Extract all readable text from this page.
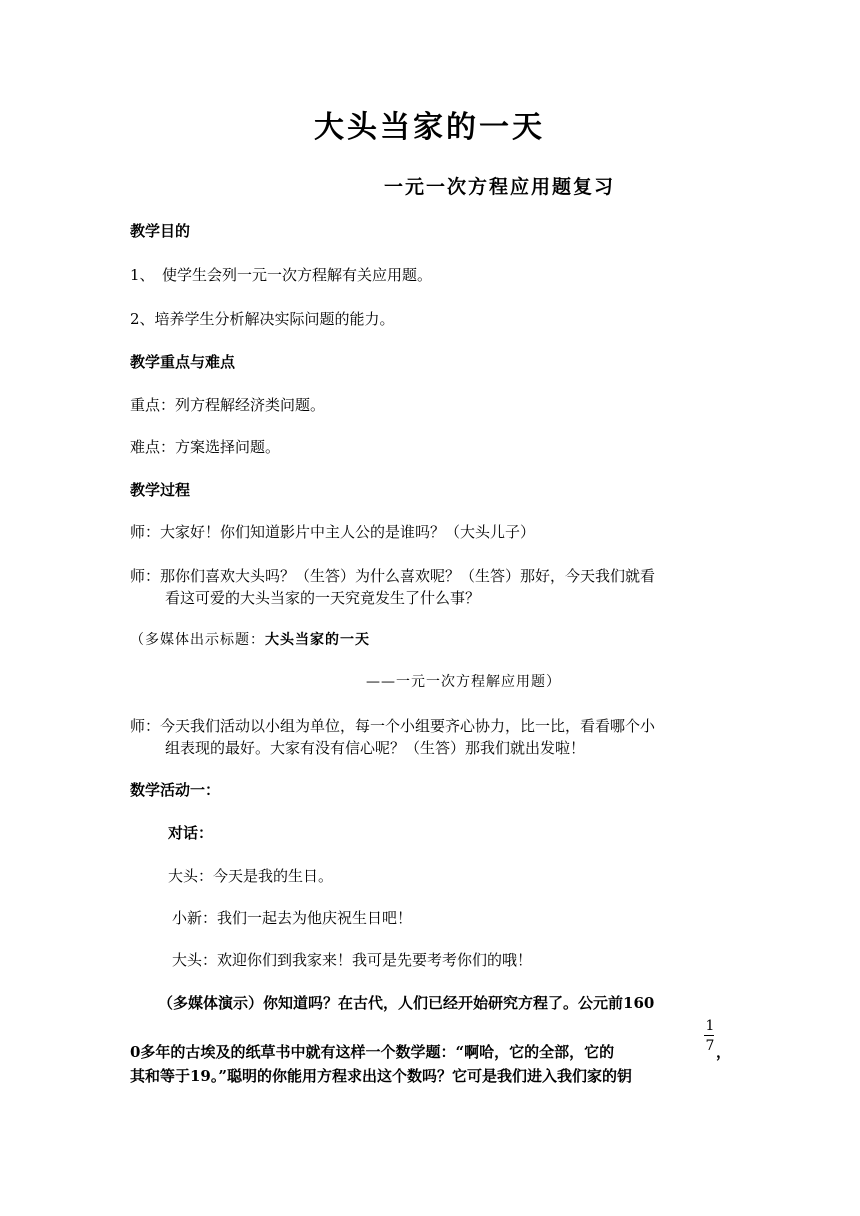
大头当家的一天
一元一次方程应用题复习
教学目的
1、　使学生会列一元一次方程解有关应用题。
2、培养学生分析解决实际问题的能力。
教学重点与难点
重点：列方程解经济类问题。
难点：方案选择问题。
教学过程
师：大家好！你们知道影片中主人公的是谁吗？（大头儿子）
师：那你们喜欢大头吗？（生答）为什么喜欢呢？（生答）那好，今天我们就看
看这可爱的大头当家的一天究竟发生了什么事？
（多媒体出示标题：大头当家的一天
——一元一次方程解应用题）
师：今天我们活动以小组为单位，每一个小组要齐心协力，比一比，看看哪个小
组表现的最好。大家有没有信心呢？（生答）那我们就出发啦！
数学活动一：
对话：
大头：今天是我的生日。
小新：我们一起去为他庆祝生日吧！
大头：欢迎你们到我家来！我可是先要考考你们的哦！
（多媒体演示）你知道吗？在古代，人们已经开始研究方程了。公元前160
1
7
0多年的古埃及的纸草书中就有这样一个数学题：“啊哈，它的全部，它的	，
其和等于19。”聪明的你能用方程求出这个数吗？它可是我们进入我们家的钥
